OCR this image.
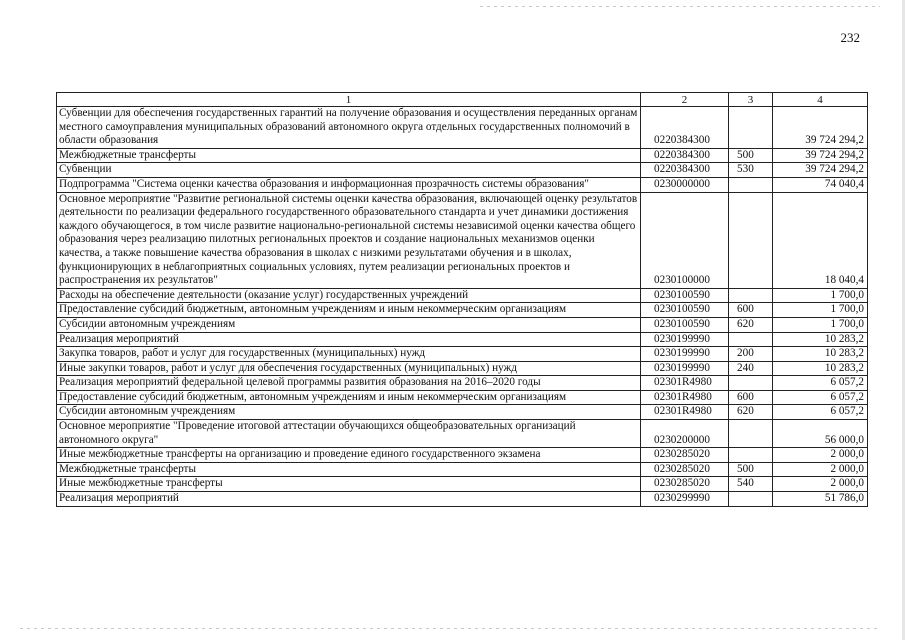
232
1	2	3	4
Субвенции для обеспечения государственных гарантий на получение образования и осуществления переданных органам местного самоуправления муниципальных образований автономного округа отдельных государственных полномочий в области образования	0220384300		39 724 294,2
Межбюджетные трансферты	0220384300	500	39 724 294,2
Субвенции	0220384300	530	39 724 294,2
Подпрограмма "Система оценки качества образования и информационная прозрачность системы образования"	0230000000		74 040,4
Основное мероприятие "Развитие региональной системы оценки качества образования, включающей оценку результатов деятельности по реализации федерального государственного образовательного стандарта и учет динамики достижения каждого обучающегося, в том числе развитие национально-региональной системы независимой оценки качества общего образования через реализацию пилотных региональных проектов и создание национальных механизмов оценки качества, а также повышение качества образования в школах с низкими результатами обучения и в школах, функционирующих в неблагоприятных социальных условиях, путем реализации региональных проектов и распространения их результатов"	0230100000		18 040,4
Расходы на обеспечение деятельности (оказание услуг) государственных учреждений	0230100590		1 700,0
Предоставление субсидий бюджетным, автономным учреждениям и иным некоммерческим организациям	0230100590	600	1 700,0
Субсидии автономным учреждениям	0230100590	620	1 700,0
Реализация мероприятий	0230199990		10 283,2
Закупка товаров, работ и услуг для государственных (муниципальных) нужд	0230199990	200	10 283,2
Иные закупки товаров, работ и услуг для обеспечения государственных (муниципальных) нужд	0230199990	240	10 283,2
Реализация мероприятий федеральной целевой программы развития образования на 2016–2020 годы	02301R4980		6 057,2
Предоставление субсидий бюджетным, автономным учреждениям и иным некоммерческим организациям	02301R4980	600	6 057,2
Субсидии автономным учреждениям	02301R4980	620	6 057,2
Основное мероприятие "Проведение итоговой аттестации обучающихся общеобразовательных организаций автономного округа"	0230200000		56 000,0
Иные межбюджетные трансферты на организацию и проведение единого государственного экзамена	0230285020		2 000,0
Межбюджетные трансферты	0230285020	500	2 000,0
Иные межбюджетные трансферты	0230285020	540	2 000,0
Реализация мероприятий	0230299990		51 786,0
